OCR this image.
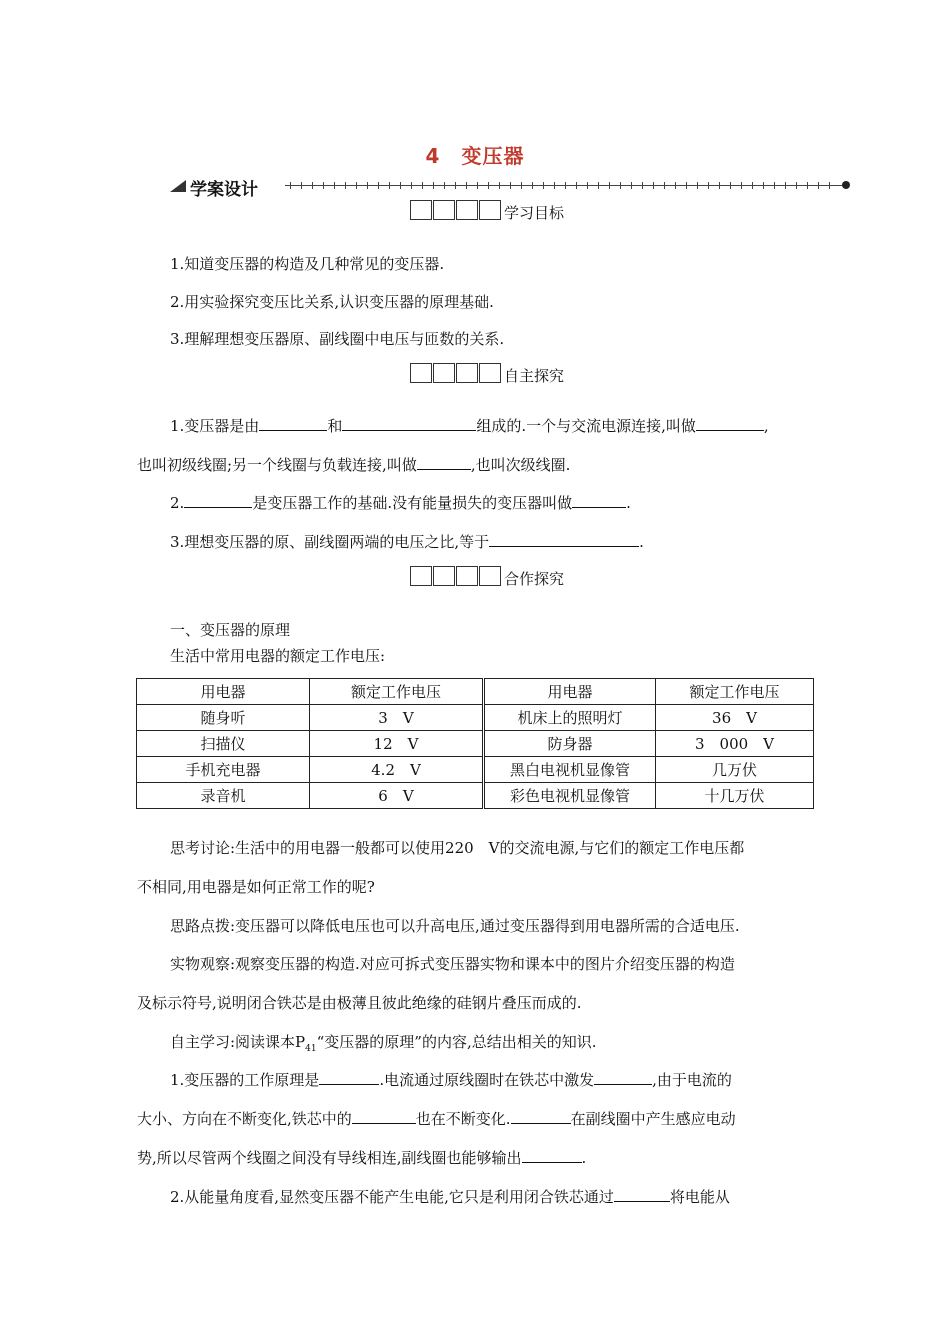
4　变压器
学案设计
学习目标
1.知道变压器的构造及几种常见的变压器.
2.用实验探究变压比关系,认识变压器的原理基础.
3.理解理想变压器原、副线圈中电压与匝数的关系.
自主探究
1.变压器是由	和	组成的.一个与交流电源连接,叫做	,
也叫初级线圈;另一个线圈与负载连接,叫做	,也叫次级线圈.
2.	是变压器工作的基础.没有能量损失的变压器叫做	.
3.理想变压器的原、副线圈两端的电压之比,等于	.
合作探究
一、变压器的原理
生活中常用电器的额定工作电压:
用电器	额定工作电压	用电器	额定工作电压
随身听	3　V	机床上的照明灯	36　V
扫描仪	12　V	防身器	3　000　V
手机充电器	4.2　V	黑白电视机显像管	几万伏
录音机	6　V	彩色电视机显像管	十几万伏
思考讨论:生活中的用电器一般都可以使用220　V的交流电源,与它们的额定工作电压都
不相同,用电器是如何正常工作的呢?
思路点拨:变压器可以降低电压也可以升高电压,通过变压器得到用电器所需的合适电压.
实物观察:观察变压器的构造.对应可拆式变压器实物和课本中的图片介绍变压器的构造
及标示符号,说明闭合铁芯是由极薄且彼此绝缘的硅钢片叠压而成的.
自主学习:阅读课本$P_{41}“$变压器的原理”的内容,总结出相关的知识.
1.变压器的工作原理是	.电流通过原线圈时在铁芯中激发	,由于电流的
大小、方向在不断变化,铁芯中的	也在不断变化.	在副线圈中产生感应电动
势,所以尽管两个线圈之间没有导线相连,副线圈也能够输出	.
2.从能量角度看,显然变压器不能产生电能,它只是利用闭合铁芯通过	将电能从
